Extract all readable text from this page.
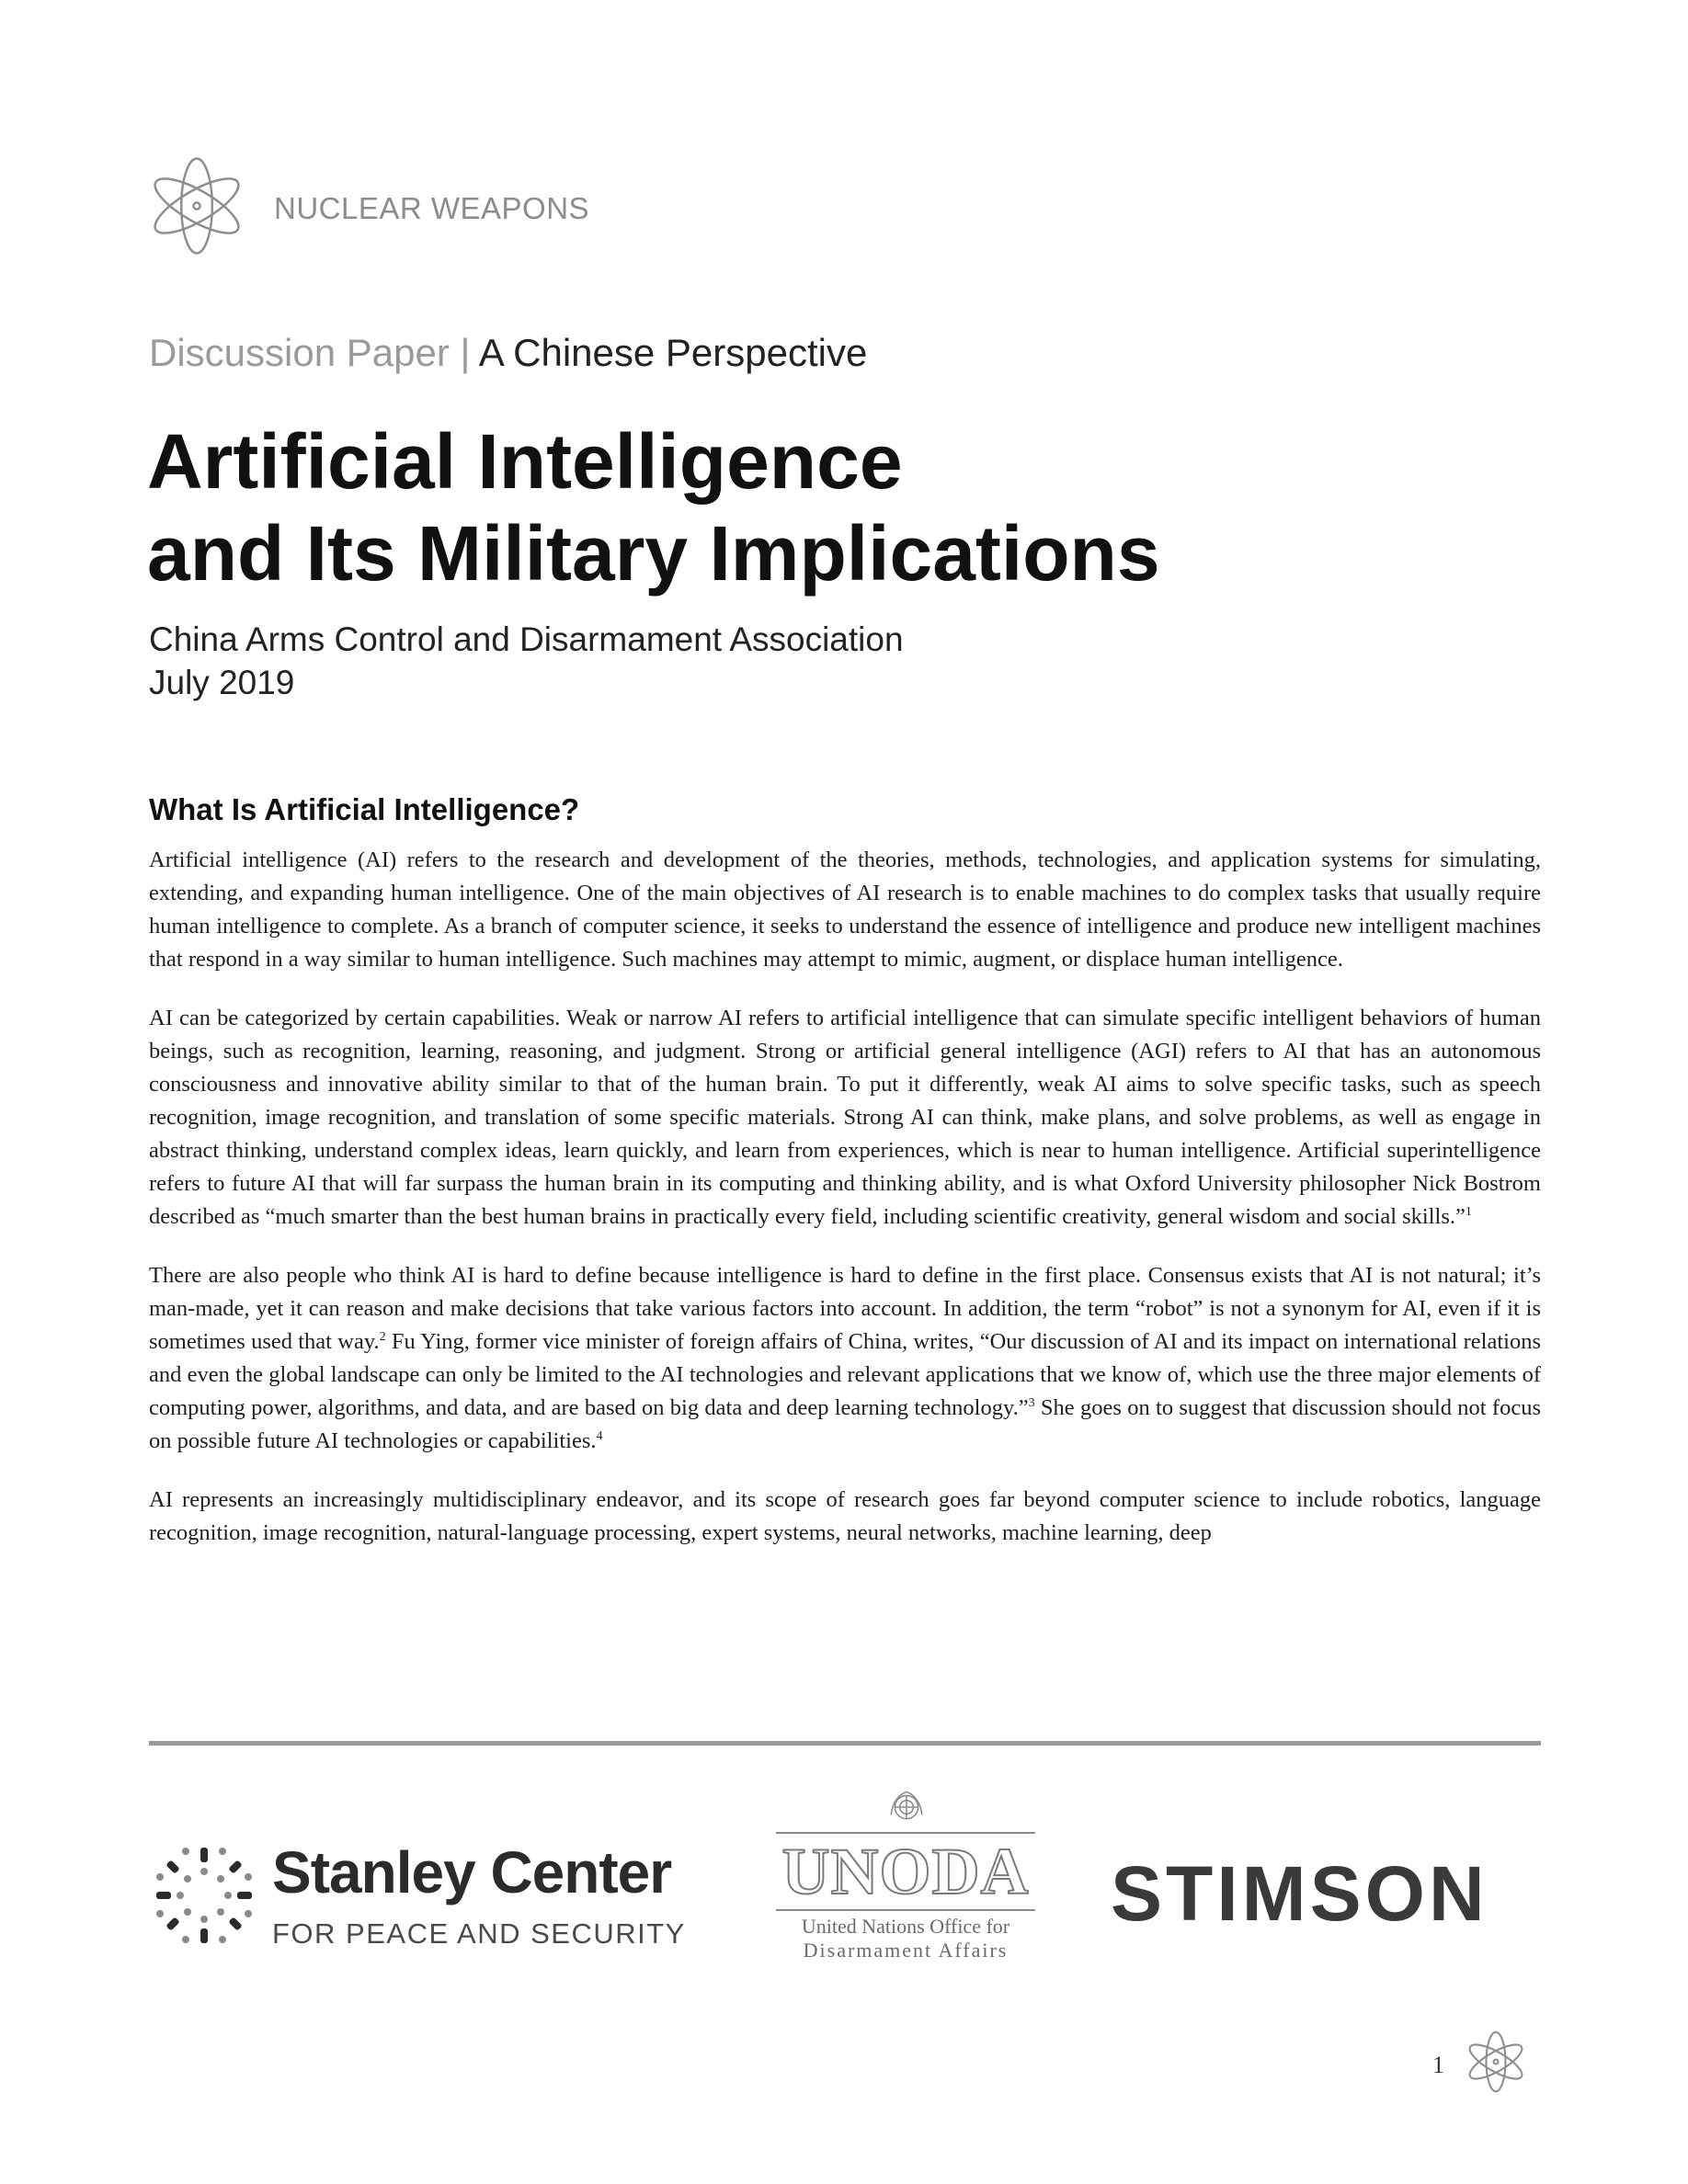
NUCLEAR WEAPONS
Discussion Paper | A Chinese Perspective
Artificial Intelligence
and Its Military Implications
China Arms Control and Disarmament Association
July 2019
What Is Artificial Intelligence?

Artificial intelligence (AI) refers to the research and development of the theories, methods, technologies, and application systems for simulating, extending, and expanding human intelligence. One of the main objectives of AI research is to enable machines to do complex tasks that usually require human intelligence to complete. As a branch of computer science, it seeks to understand the essence of intelligence and produce new intelligent machines that respond in a way similar to human intelligence. Such machines may attempt to mimic, augment, or displace human intelligence.

AI can be categorized by certain capabilities. Weak or narrow AI refers to artificial intelligence that can simulate specific intelligent behaviors of human beings, such as recognition, learning, reasoning, and judgment. Strong or artificial general intelligence (AGI) refers to AI that has an autonomous consciousness and innovative ability similar to that of the human brain. To put it differently, weak AI aims to solve specific tasks, such as speech recognition, image recognition, and translation of some specific materials. Strong AI can think, make plans, and solve problems, as well as engage in abstract thinking, understand complex ideas, learn quickly, and learn from experiences, which is near to human intelligence. Artificial superintelligence refers to future AI that will far surpass the human brain in its computing and thinking ability, and is what Oxford University philosopher Nick Bostrom described as “much smarter than the best human brains in practically every field, including scientific creativity, general wisdom and social skills.”$^1$

There are also people who think AI is hard to define because intelligence is hard to define in the first place. Consensus exists that AI is not natural; it’s man-made, yet it can reason and make decisions that take various factors into account. In addition, the term “robot” is not a synonym for AI, even if it is sometimes used that way.$^2$ Fu Ying, former vice minister of foreign affairs of China, writes, “Our discussion of AI and its impact on international relations and even the global landscape can only be limited to the AI technologies and relevant applications that we know of, which use the three major elements of computing power, algorithms, and data, and are based on big data and deep learning technology.”$^3$ She goes on to suggest that discussion should not focus on possible future AI technologies or capabilities.$^4$

AI represents an increasingly multidisciplinary endeavor, and its scope of research goes far beyond computer science to include robotics, language recognition, image recognition, natural-language processing, expert systems, neural networks, machine learning, deep

Stanley Center
FOR PEACE AND SECURITY
UNODA
United Nations Office for
Disarmament Affairs
STIMSON
1
